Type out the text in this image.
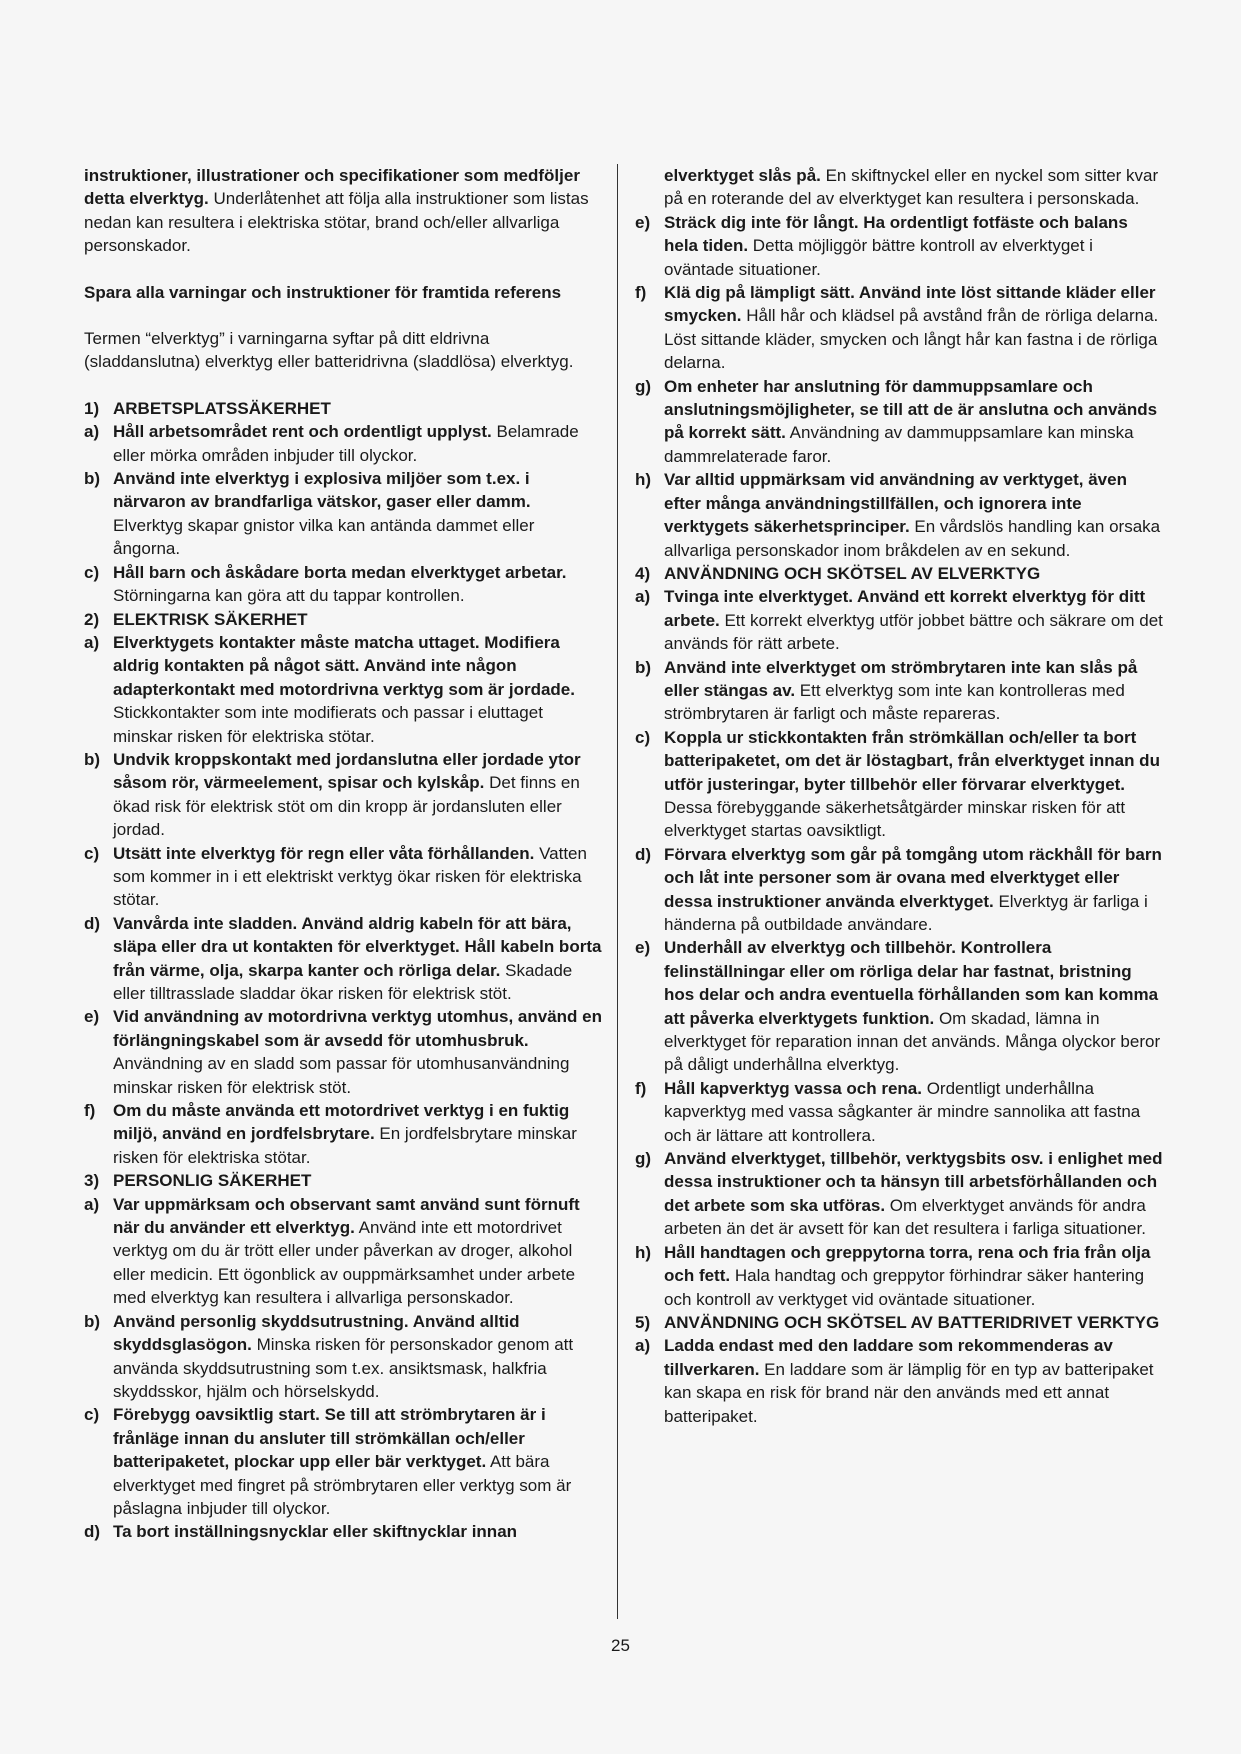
instruktioner, illustrationer och specifikationer som medföljer detta elverktyg. Underlåtenhet att följa alla instruktioner som listas nedan kan resultera i elektriska stötar, brand och/eller allvarliga personskador.

Spara alla varningar och instruktioner för framtida referens

Termen “elverktyg” i varningarna syftar på ditt eldrivna (sladdanslutna) elverktyg eller batteridrivna (sladdlösa) elverktyg.

1) ARBETSPLATSSÄKERHET
a) Håll arbetsområdet rent och ordentligt upplyst. Belamrade eller mörka områden inbjuder till olyckor.
b) Använd inte elverktyg i explosiva miljöer som t.ex. i närvaron av brandfarliga vätskor, gaser eller damm. Elverktyg skapar gnistor vilka kan antända dammet eller ångorna.
c) Håll barn och åskådare borta medan elverktyget arbetar. Störningarna kan göra att du tappar kontrollen.
2) ELEKTRISK SÄKERHET
a) Elverktygets kontakter måste matcha uttaget. Modifiera aldrig kontakten på något sätt. Använd inte någon adapterkontakt med motordrivna verktyg som är jordade. Stickkontakter som inte modifierats och passar i eluttaget minskar risken för elektriska stötar.
b) Undvik kroppskontakt med jordanslutna eller jordade ytor såsom rör, värmeelement, spisar och kylskåp. Det finns en ökad risk för elektrisk stöt om din kropp är jordansluten eller jordad.
c) Utsätt inte elverktyg för regn eller våta förhållanden. Vatten som kommer in i ett elektriskt verktyg ökar risken för elektriska stötar.
d) Vanvårda inte sladden. Använd aldrig kabeln för att bära, släpa eller dra ut kontakten för elverktyget. Håll kabeln borta från värme, olja, skarpa kanter och rörliga delar. Skadade eller tilltrasslade sladdar ökar risken för elektrisk stöt.
e) Vid användning av motordrivna verktyg utomhus, använd en förlängningskabel som är avsedd för utomhusbruk. Användning av en sladd som passar för utomhusanvändning minskar risken för elektrisk stöt.
f)	Om du måste använda ett motordrivet verktyg i en fuktig miljö, använd en jordfelsbrytare. En jordfelsbrytare minskar risken för elektriska stötar.
3) PERSONLIG SÄKERHET
a) Var uppmärksam och observant samt använd sunt förnuft när du använder ett elverktyg. Använd inte ett motordrivet verktyg om du är trött eller under påverkan av droger, alkohol eller medicin. Ett ögonblick av ouppmärksamhet under arbete med elverktyg kan resultera i allvarliga personskador.
b) Använd personlig skyddsutrustning. Använd alltid skyddsglasögon. Minska risken för personskador genom att använda skyddsutrustning som t.ex. ansiktsmask, halkfria skyddsskor, hjälm och hörselskydd.
c) Förebygg oavsiktlig start. Se till att strömbrytaren är i frånläge innan du ansluter till strömkällan och/eller batteripaketet, plockar upp eller bär verktyget. Att bära elverktyget med fingret på strömbrytaren eller verktyg som är påslagna inbjuder till olyckor.
d) Ta bort inställningsnycklar eller skiftnycklar innan
elverktyget slås på. En skiftnyckel eller en nyckel som sitter kvar på en roterande del av elverktyget kan resultera i personskada.
e) Sträck dig inte för långt. Ha ordentligt fotfäste och balans hela tiden. Detta möjliggör bättre kontroll av elverktyget i oväntade situationer.
f)	Klä dig på lämpligt sätt. Använd inte löst sittande kläder eller smycken. Håll hår och klädsel på avstånd från de rörliga delarna. Löst sittande kläder, smycken och långt hår kan fastna i de rörliga delarna.
g) Om enheter har anslutning för dammuppsamlare och anslutningsmöjligheter, se till att de är anslutna och används på korrekt sätt. Användning av dammuppsamlare kan minska dammrelaterade faror.
h) Var alltid uppmärksam vid användning av verktyget, även efter många användningstillfällen, och ignorera inte verktygets säkerhetsprinciper. En vårdslös handling kan orsaka allvarliga personskador inom bråkdelen av en sekund.
4) ANVÄNDNING OCH SKÖTSEL AV ELVERKTYG
a) Tvinga inte elverktyget. Använd ett korrekt elverktyg för ditt arbete. Ett korrekt elverktyg utför jobbet bättre och säkrare om det används för rätt arbete.
b) Använd inte elverktyget om strömbrytaren inte kan slås på eller stängas av. Ett elverktyg som inte kan kontrolleras med strömbrytaren är farligt och måste repareras.
c) Koppla ur stickkontakten från strömkällan och/eller ta bort batteripaketet, om det är löstagbart, från elverktyget innan du utför justeringar, byter tillbehör eller förvarar elverktyget. Dessa förebyggande säkerhetsåtgärder minskar risken för att elverktyget startas oavsiktligt.
d) Förvara elverktyg som går på tomgång utom räckhåll för barn och låt inte personer som är ovana med elverktyget eller dessa instruktioner använda elverktyget. Elverktyg är farliga i händerna på outbildade användare.
e) Underhåll av elverktyg och tillbehör. Kontrollera felinställningar eller om rörliga delar har fastnat, bristning hos delar och andra eventuella förhållanden som kan komma att påverka elverktygets funktion. Om skadad, lämna in elverktyget för reparation innan det används. Många olyckor beror på dåligt underhållna elverktyg.
f)	Håll kapverktyg vassa och rena. Ordentligt underhållna kapverktyg med vassa sågkanter är mindre sannolika att fastna och är lättare att kontrollera.
g) Använd elverktyget, tillbehör, verktygsbits osv. i enlighet med dessa instruktioner och ta hänsyn till arbetsförhållanden och det arbete som ska utföras. Om elverktyget används för andra arbeten än det är avsett för kan det resultera i farliga situationer.
h) Håll handtagen och greppytorna torra, rena och fria från olja och fett. Hala handtag och greppytor förhindrar säker hantering och kontroll av verktyget vid oväntade situationer.
5) ANVÄNDNING OCH SKÖTSEL AV BATTERIDRIVET VERKTYG
a) Ladda endast med den laddare som rekommenderas av tillverkaren. En laddare som är lämplig för en typ av batteripaket kan skapa en risk för brand när den används med ett annat batteripaket.
25
